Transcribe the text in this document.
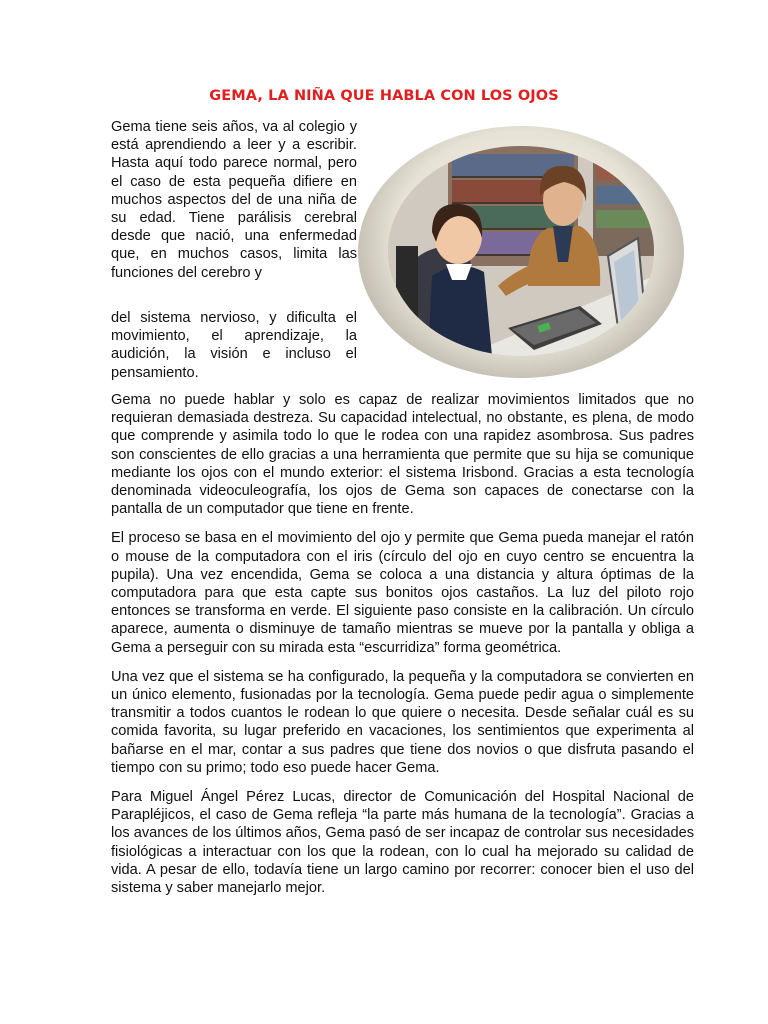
GEMA, LA NIÑA QUE HABLA CON LOS OJOS
Gema tiene seis años, va al colegio y está aprendiendo a leer y a escribir. Hasta aquí todo parece normal, pero el caso de esta pequeña difiere en muchos aspectos del de una niña de su edad. Tiene parálisis cerebral desde que nació, una enfermedad que, en muchos casos, limita las funciones del cerebro y
del sistema nervioso, y dificulta el movimiento, el aprendizaje, la audición, la visión e incluso el pensamiento.

Gema no puede hablar y solo es capaz de realizar movimientos limitados que no requieran demasiada destreza. Su capacidad intelectual, no obstante, es plena, de modo que comprende y asimila todo lo que le rodea con una rapidez asombrosa. Sus padres son conscientes de ello gracias a una herramienta que permite que su hija se comunique mediante los ojos con el mundo exterior: el sistema Irisbond. Gracias a esta tecnología denominada videoculeografía, los ojos de Gema son capaces de conectarse con la pantalla de un computador que tiene en frente.

El proceso se basa en el movimiento del ojo y permite que Gema pueda manejar el ratón o mouse de la computadora con el iris (círculo del ojo en cuyo centro se encuentra la pupila). Una vez encendida, Gema se coloca a una distancia y altura óptimas de la computadora para que esta capte sus bonitos ojos castaños. La luz del piloto rojo entonces se transforma en verde. El siguiente paso consiste en la calibración. Un círculo aparece, aumenta o disminuye de tamaño mientras se mueve por la pantalla y obliga a Gema a perseguir con su mirada esta “escurridiza” forma geométrica.

Una vez que el sistema se ha configurado, la pequeña y la computadora se convierten en un único elemento, fusionadas por la tecnología. Gema puede pedir agua o simplemente transmitir a todos cuantos le rodean lo que quiere o necesita. Desde señalar cuál es su comida favorita, su lugar preferido en vacaciones, los sentimientos que experimenta al bañarse en el mar, contar a sus padres que tiene dos novios o que disfruta pasando el tiempo con su primo; todo eso puede hacer Gema.

Para Miguel Ángel Pérez Lucas, director de Comunicación del Hospital Nacional de Parapléjicos, el caso de Gema refleja “la parte más humana de la tecnología”. Gracias a los avances de los últimos años, Gema pasó de ser incapaz de controlar sus necesidades fisiológicas a interactuar con los que la rodean, con lo cual ha mejorado su calidad de vida. A pesar de ello, todavía tiene un largo camino por recorrer: conocer bien el uso del sistema y saber manejarlo mejor.
